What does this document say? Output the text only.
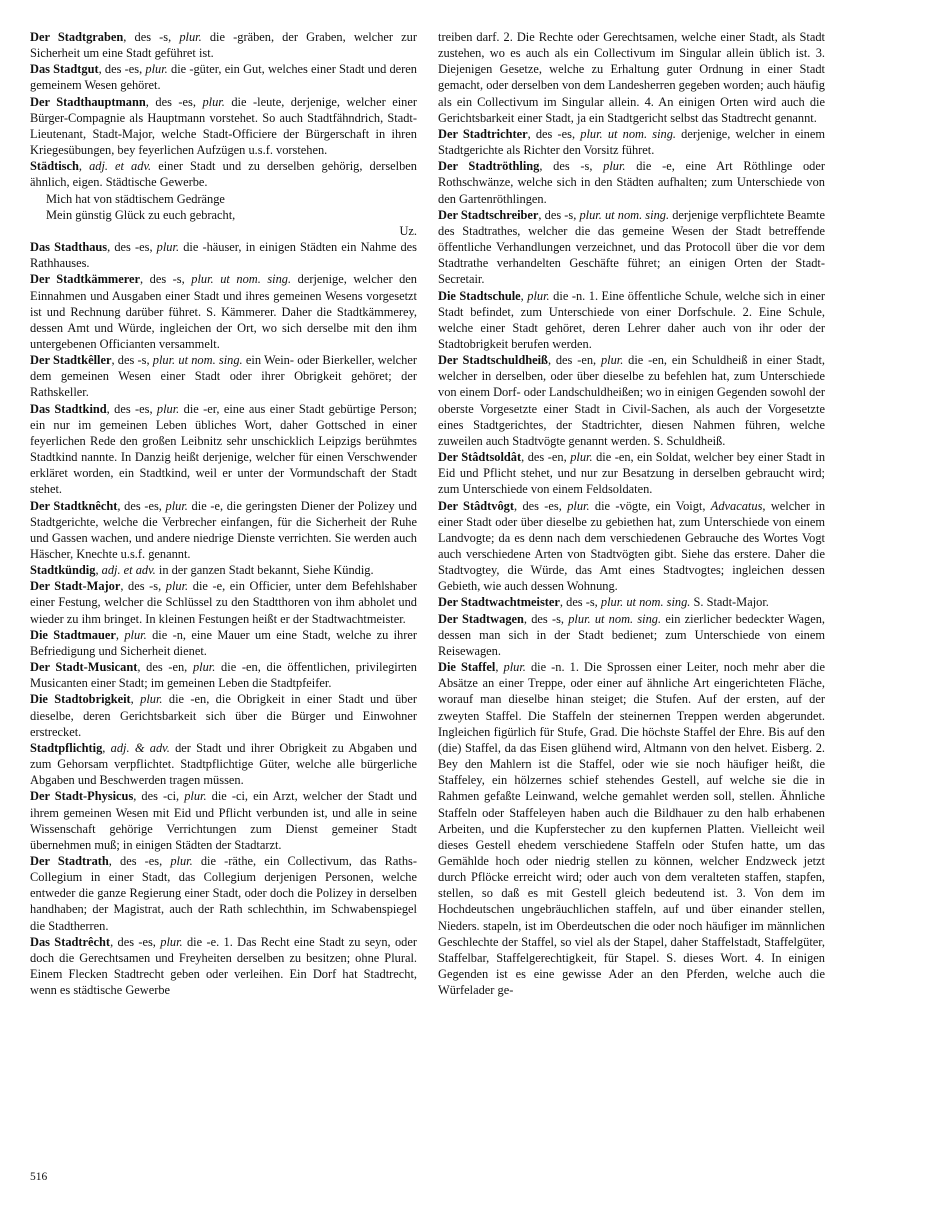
Der Stadtgraben, des -s, plur. die -gräben, der Graben, welcher zur Sicherheit um eine Stadt geführet ist.

Das Stadtgut, des -es, plur. die -güter, ein Gut, welches einer Stadt und deren gemeinem Wesen gehöret.

Der Stadthauptmann, des -es, plur. die -leute, derjenige, welcher einer Bürger-Compagnie als Hauptmann vorstehet. So auch Stadtfähndrich, Stadt-Lieutenant, Stadt-Major, welche Stadt-Officiere der Bürgerschaft in ihren Kriegesübungen, bey feyerlichen Aufzügen u.s.f. vorstehen.

Städtisch, adj. et adv. einer Stadt und zu derselben gehörig, derselben ähnlich, eigen. Städtische Gewerbe.

Mich hat von städtischem Gedränge

Mein günstig Glück zu euch gebracht,

Uz.

Das Stadthaus, des -es, plur. die -häuser, in einigen Städten ein Nahme des Rathhauses.

Der Stadtkämmerer, des -s, plur. ut nom. sing. derjenige, welcher den Einnahmen und Ausgaben einer Stadt und ihres gemeinen Wesens vorgesetzt ist und Rechnung darüber führet. S. Kämmerer. Daher die Stadtkämmerey, dessen Amt und Würde, ingleichen der Ort, wo sich derselbe mit den ihm untergebenen Officianten versammelt.

Der Stadtkêller, des -s, plur. ut nom. sing. ein Wein- oder Bierkeller, welcher dem gemeinen Wesen einer Stadt oder ihrer Obrigkeit gehöret; der Rathskeller.

Das Stadtkind, des -es, plur. die -er, eine aus einer Stadt gebürtige Person; ein nur im gemeinen Leben übliches Wort, daher Gottsched in einer feyerlichen Rede den großen Leibnitz sehr unschicklich Leipzigs berühmtes Stadtkind nannte. In Danzig heißt derjenige, welcher für einen Verschwender erkläret worden, ein Stadtkind, weil er unter der Vormundschaft der Stadt stehet.

Der Stadtknêcht, des -es, plur. die -e, die geringsten Diener der Polizey und Stadtgerichte, welche die Verbrecher einfangen, für die Sicherheit der Ruhe und Gassen wachen, und andere niedrige Dienste verrichten. Sie werden auch Häscher, Knechte u.s.f. genannt.

Stadtkündig, adj. et adv. in der ganzen Stadt bekannt, Siehe Kündig.

Der Stadt-Major, des -s, plur. die -e, ein Officier, unter dem Befehlshaber einer Festung, welcher die Schlüssel zu den Stadtthoren von ihm abholet und wieder zu ihm bringet. In kleinen Festungen heißt er der Stadtwachtmeister.

Die Stadtmauer, plur. die -n, eine Mauer um eine Stadt, welche zu ihrer Befriedigung und Sicherheit dienet.

Der Stadt-Musicant, des -en, plur. die -en, die öffentlichen, privilegirten Musicanten einer Stadt; im gemeinen Leben die Stadtpfeifer.

Die Stadtobrigkeit, plur. die -en, die Obrigkeit in einer Stadt und über dieselbe, deren Gerichtsbarkeit sich über die Bürger und Einwohner erstrecket.

Stadtpflichtig, adj. & adv. der Stadt und ihrer Obrigkeit zu Abgaben und zum Gehorsam verpflichtet. Stadtpflichtige Güter, welche alle bürgerliche Abgaben und Beschwerden tragen müssen.

Der Stadt-Physicus, des -ci, plur. die -ci, ein Arzt, welcher der Stadt und ihrem gemeinen Wesen mit Eid und Pflicht verbunden ist, und alle in seine Wissenschaft gehörige Verrichtungen zum Dienst gemeiner Stadt übernehmen muß; in einigen Städten der Stadtarzt.

Der Stadtrath, des -es, plur. die -räthe, ein Collectivum, das Raths-Collegium in einer Stadt, das Collegium derjenigen Personen, welche entweder die ganze Regierung einer Stadt, oder doch die Polizey in derselben handhaben; der Magistrat, auch der Rath schlechthin, im Schwabenspiegel die Stadtherren.

Das Stadtrêcht, des -es, plur. die -e. 1. Das Recht eine Stadt zu seyn, oder doch die Gerechtsamen und Freyheiten derselben zu besitzen; ohne Plural. Einem Flecken Stadtrecht geben oder verleihen. Ein Dorf hat Stadtrecht, wenn es städtische Gewerbe

treiben darf. 2. Die Rechte oder Gerechtsamen, welche einer Stadt, als Stadt zustehen, wo es auch als ein Collectivum im Singular allein üblich ist. 3. Diejenigen Gesetze, welche zu Erhaltung guter Ordnung in einer Stadt gemacht, oder derselben von dem Landesherren gegeben worden; auch häufig als ein Collectivum im Singular allein. 4. An einigen Orten wird auch die Gerichtsbarkeit einer Stadt, ja ein Stadtgericht selbst das Stadtrecht genannt.

Der Stadtrichter, des -es, plur. ut nom. sing. derjenige, welcher in einem Stadtgerichte als Richter den Vorsitz führet.

Der Stadtröthling, des -s, plur. die -e, eine Art Röthlinge oder Rothschwänze, welche sich in den Städten aufhalten; zum Unterschiede von den Gartenröthlingen.

Der Stadtschreiber, des -s, plur. ut nom. sing. derjenige verpflichtete Beamte des Stadtrathes, welcher die das gemeine Wesen der Stadt betreffende öffentliche Verhandlungen verzeichnet, und das Protocoll über die vor dem Stadtrathe verhandelten Geschäfte führet; an einigen Orten der Stadt-Secretair.

Die Stadtschule, plur. die -n. 1. Eine öffentliche Schule, welche sich in einer Stadt befindet, zum Unterschiede von einer Dorfschule. 2. Eine Schule, welche einer Stadt gehöret, deren Lehrer daher auch von ihr oder der Stadtobrigkeit berufen werden.

Der Stadtschuldheiß, des -en, plur. die -en, ein Schuldheiß in einer Stadt, welcher in derselben, oder über dieselbe zu befehlen hat, zum Unterschiede von einem Dorf- oder Landschuldheißen; wo in einigen Gegenden sowohl der oberste Vorgesetzte einer Stadt in Civil-Sachen, als auch der Vorgesetzte eines Stadtgerichtes, der Stadtrichter, diesen Nahmen führen, welche zuweilen auch Stadtvögte genannt werden. S. Schuldheiß.

Der Stâdtsoldât, des -en, plur. die -en, ein Soldat, welcher bey einer Stadt in Eid und Pflicht stehet, und nur zur Besatzung in derselben gebraucht wird; zum Unterschiede von einem Feldsoldaten.

Der Stâdtvôgt, des -es, plur. die -vögte, ein Voigt, Advacatus, welcher in einer Stadt oder über dieselbe zu gebiethen hat, zum Unterschiede von einem Landvogte; da es denn nach dem verschiedenen Gebrauche des Wortes Vogt auch verschiedene Arten von Stadtvögten gibt. Siehe das erstere. Daher die Stadtvogtey, die Würde, das Amt eines Stadtvogtes; ingleichen dessen Gebieth, wie auch dessen Wohnung.

Der Stadtwachtmeister, des -s, plur. ut nom. sing. S. Stadt-Major.

Der Stadtwagen, des -s, plur. ut nom. sing. ein zierlicher bedeckter Wagen, dessen man sich in der Stadt bedienet; zum Unterschiede von einem Reisewagen.

Die Staffel, plur. die -n. 1. Die Sprossen einer Leiter, noch mehr aber die Absätze an einer Treppe, oder einer auf ähnliche Art eingerichteten Fläche, worauf man dieselbe hinan steiget; die Stufen. Auf der ersten, auf der zweyten Staffel. Die Staffeln der steinernen Treppen werden abgerundet. Ingleichen figürlich für Stufe, Grad. Die höchste Staffel der Ehre. Bis auf den (die) Staffel, da das Eisen glühend wird, Altmann von den helvet. Eisberg. 2. Bey den Mahlern ist die Staffel, oder wie sie noch häufiger heißt, die Staffeley, ein hölzernes schief stehendes Gestell, auf welche sie die in Rahmen gefaßte Leinwand, welche gemahlet werden soll, stellen. Ähnliche Staffeln oder Staffeleyen haben auch die Bildhauer zu den halb erhabenen Arbeiten, und die Kupferstecher zu den kupfernen Platten. Vielleicht weil dieses Gestell ehedem verschiedene Staffeln oder Stufen hatte, um das Gemählde hoch oder niedrig stellen zu können, welcher Endzweck jetzt durch Pflöcke erreicht wird; oder auch von dem veralteten staffen, stapfen, stellen, so daß es mit Gestell gleich bedeutend ist. 3. Von dem im Hochdeutschen ungebräuchlichen staffeln, auf und über einander stellen, Nieders. stapeln, ist im Oberdeutschen die oder noch häufiger im männlichen Geschlechte der Staffel, so viel als der Stapel, daher Staffelstadt, Staffelgüter, Staffelbar, Staffelgerechtigkeit, für Stapel. S. dieses Wort. 4. In einigen Gegenden ist es eine gewisse Ader an den Pferden, welche auch die Würfelader ge-

516
